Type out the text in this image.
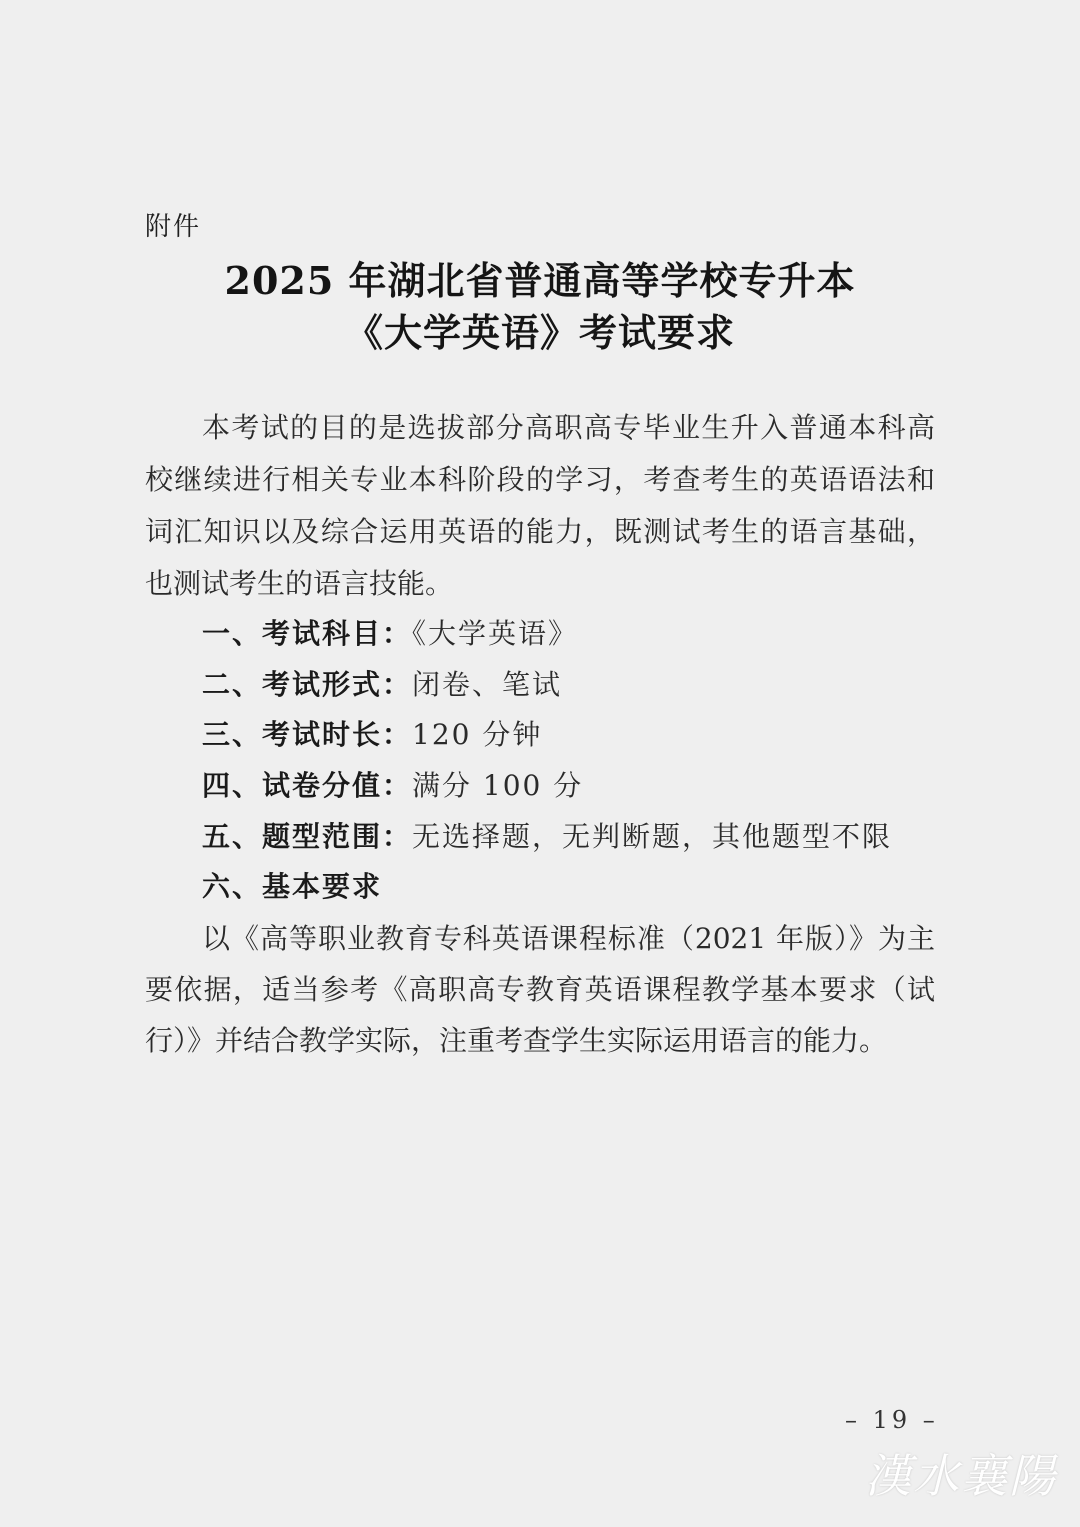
附件
2025 年湖北省普通高等学校专升本
《大学英语》考试要求
本考试的目的是选拔部分高职高专毕业生升入普通本科高
校继续进行相关专业本科阶段的学习，考查考生的英语语法和
词汇知识以及综合运用英语的能力，既测试考生的语言基础，
也测试考生的语言技能。
一、考试科目：《大学英语》
二、考试形式：闭卷、笔试
三、考试时长：120 分钟
四、试卷分值：满分 100 分
五、题型范围：无选择题，无判断题，其他题型不限
六、基本要求
以《高等职业教育专科英语课程标准（2021 年版）》为主
要依据，适当参考《高职高专教育英语课程教学基本要求（试
行）》并结合教学实际，注重考查学生实际运用语言的能力。
– 19 –
漢水襄陽
